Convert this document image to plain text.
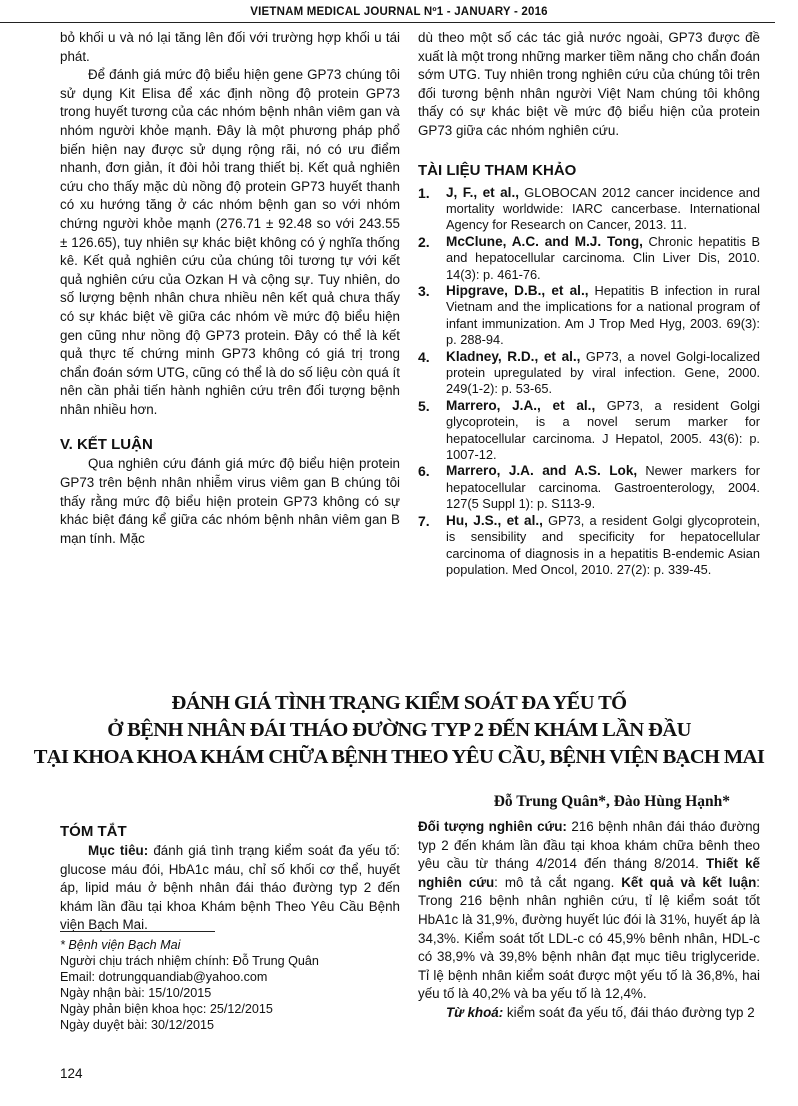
VIETNAM MEDICAL JOURNAL Nº1 - JANUARY - 2016

bỏ khối u và nó lại tăng lên đối với trường hợp khối u tái phát.

Để đánh giá mức độ biểu hiện gene GP73 chúng tôi sử dụng Kit Elisa để xác định nồng độ protein GP73 trong huyết tương của các nhóm bệnh nhân viêm gan và nhóm người khỏe mạnh. Đây là một phương pháp phổ biến hiện nay được sử dụng rộng rãi, nó có ưu điểm nhanh, đơn giản, ít đòi hỏi trang thiết bị. Kết quả nghiên cứu cho thấy mặc dù nồng độ protein GP73 huyết thanh có xu hướng tăng ở các nhóm bệnh gan so với nhóm chứng người khỏe mạnh (276.71 ± 92.48 so với 243.55 ± 126.65), tuy nhiên sự khác biệt không có ý nghĩa thống kê. Kết quả nghiên cứu của chúng tôi tương tự với kết quả nghiên cứu của Ozkan H và cộng sự. Tuy nhiên, do số lượng bệnh nhân chưa nhiều nên kết quả chưa thấy có sự khác biệt về giữa các nhóm về mức độ biểu hiện gen cũng như nồng độ GP73 protein. Đây có thể là kết quả thực tế chứng minh GP73 không có giá trị trong chẩn đoán sớm UTG, cũng có thể là do số liệu còn quá ít nên cần phải tiến hành nghiên cứu trên đối tượng bệnh nhân nhiều hơn.

V. KẾT LUẬN

Qua nghiên cứu đánh giá mức độ biểu hiện protein GP73 trên bệnh nhân nhiễm virus viêm gan B chúng tôi thấy rằng mức độ biểu hiện protein GP73 không có sự khác biệt đáng kể giữa các nhóm bệnh nhân viêm gan B mạn tính. Mặc

dù theo một số các tác giả nước ngoài, GP73 được đề xuất là một trong những marker tiềm năng cho chẩn đoán sớm UTG. Tuy nhiên trong nghiên cứu của chúng tôi trên đối tương bệnh nhân người Việt Nam chúng tôi không thấy có sự khác biệt về mức độ biểu hiện của protein GP73 giữa các nhóm nghiên cứu.

TÀI LIỆU THAM KHẢO
1. J, F., et al., GLOBOCAN 2012 cancer incidence and mortality worldwide: IARC cancerbase. International Agency for Research on Cancer, 2013. 11.
2. McClune, A.C. and M.J. Tong, Chronic hepatitis B and hepatocellular carcinoma. Clin Liver Dis, 2010. 14(3): p. 461-76.
3. Hipgrave, D.B., et al., Hepatitis B infection in rural Vietnam and the implications for a national program of infant immunization. Am J Trop Med Hyg, 2003. 69(3): p. 288-94.
4. Kladney, R.D., et al., GP73, a novel Golgi-localized protein upregulated by viral infection. Gene, 2000. 249(1-2): p. 53-65.
5. Marrero, J.A., et al., GP73, a resident Golgi glycoprotein, is a novel serum marker for hepatocellular carcinoma. J Hepatol, 2005. 43(6): p. 1007-12.
6. Marrero, J.A. and A.S. Lok, Newer markers for hepatocellular carcinoma. Gastroenterology, 2004. 127(5 Suppl 1): p. S113-9.
7. Hu, J.S., et al., GP73, a resident Golgi glycoprotein, is sensibility and specificity for hepatocellular carcinoma of diagnosis in a hepatitis B-endemic Asian population. Med Oncol, 2010. 27(2): p. 339-45.
ĐÁNH GIÁ TÌNH TRẠNG KIỂM SOÁT ĐA YẾU TỐ
Ở BỆNH NHÂN ĐÁI THÁO ĐƯỜNG TYP 2 ĐẾN KHÁM LẦN ĐẦU
TẠI KHOA KHOA KHÁM CHỮA BỆNH THEO YÊU CẦU, BỆNH VIỆN BẠCH MAI
Đỗ Trung Quân*, Đào Hùng Hạnh*
TÓM TẮT

Mục tiêu: đánh giá tình trạng kiểm soát đa yếu tố: glucose máu đói, HbA1c máu, chỉ số khối cơ thể, huyết áp, lipid máu ở bệnh nhân đái tháo đường typ 2 đến khám lần đầu tại khoa Khám bệnh Theo Yêu Cầu Bệnh viện Bạch Mai.

Đối tượng nghiên cứu: 216 bệnh nhân đái tháo đường typ 2 đến khám lần đầu tại khoa khám chữa bênh theo yêu cầu từ tháng 4/2014 đến tháng 8/2014. Thiết kế nghiên cứu: mô tả cắt ngang. Kết quả và kết luận: Trong 216 bệnh nhân nghiên cứu, tỉ lệ kiểm soát tốt HbA1c là 31,9%, đường huyết lúc đói là 31%, huyết áp là 34,3%. Kiểm soát tốt LDL-c có 45,9% bênh nhân, HDL-c có 38,9% và 39,8% bệnh nhân đạt mục tiêu triglyceride. Tỉ lệ bệnh nhân kiểm soát được một yếu tố là 36,8%, hai yếu tố là 40,2% và ba yếu tố là 12,4%.

Từ khoá: kiểm soát đa yếu tố, đái tháo đường typ 2

* Bệnh viện Bạch Mai
Người chịu trách nhiệm chính: Đỗ Trung Quân
Email: dotrungquandiab@yahoo.com
Ngày nhận bài: 15/10/2015
Ngày phản biện khoa học: 25/12/2015
Ngày duyệt bài: 30/12/2015
124
